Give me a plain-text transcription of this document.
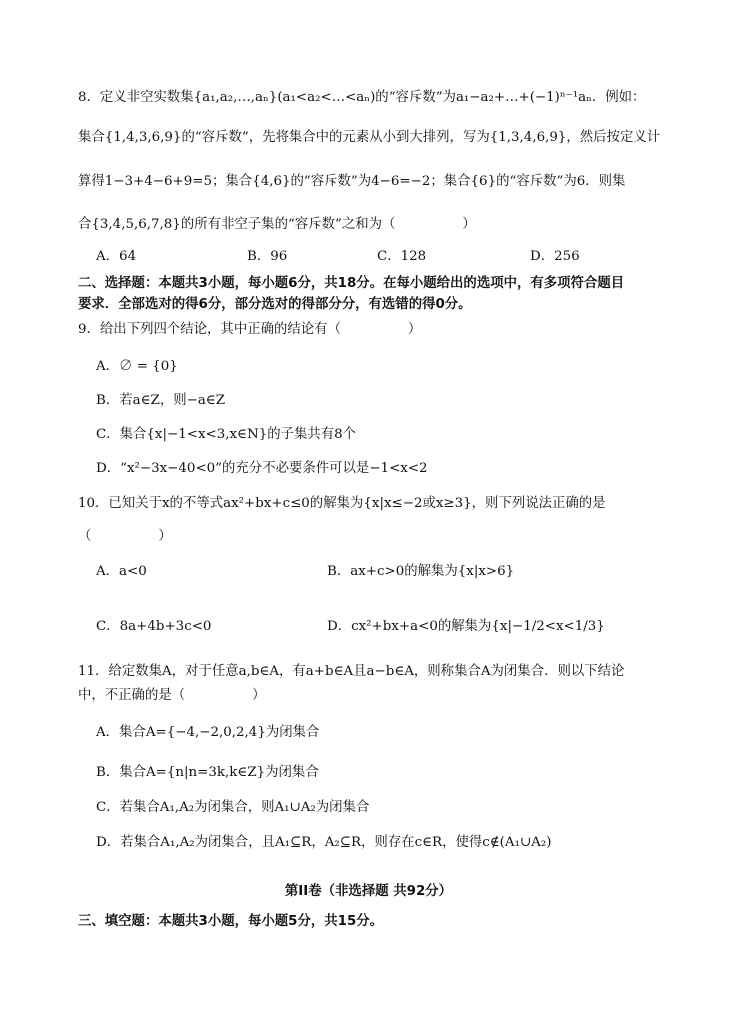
8．定义非空实数集{a₁,a₂,…,aₙ}(a₁<a₂<…<aₙ)的“容斥数”为a₁−a₂+…+(−1)ⁿ⁻¹aₙ．例如：
集合{1,4,3,6,9}的“容斥数”，先将集合中的元素从小到大排列，写为{1,3,4,6,9}，然后按定义计
算得1−3+4−6+9=5；集合{4,6}的“容斥数”为4−6=−2；集合{6}的“容斥数”为6．则集
合{3,4,5,6,7,8}的所有非空子集的“容斥数”之和为（　　　　　）
A．64	B．96	C．128	D．256
二、选择题：本题共3小题，每小题6分，共18分。在每小题给出的选项中，有多项符合题目
要求．全部选对的得6分，部分选对的得部分分，有选错的得0分。
9．给出下列四个结论，其中正确的结论有（　　　　　）
A．∅ = {0}
B．若a∈Z，则−a∈Z
C．集合{x|−1<x<3,x∈N}的子集共有8个
D．“x²−3x−40<0”的充分不必要条件可以是−1<x<2
10．已知关于x的不等式ax²+bx+c≤0的解集为{x|x≤−2或x≥3}，则下列说法正确的是
（　　　　　）
A．a<0	B．ax+c>0的解集为{x|x>6}
C．8a+4b+3c<0	D．cx²+bx+a<0的解集为{x|−1/2<x<1/3}
11．给定数集A，对于任意a,b∈A，有a+b∈A且a−b∈A，则称集合A为闭集合．则以下结论
中，不正确的是（　　　　　）
A．集合A={−4,−2,0,2,4}为闭集合
B．集合A={n|n=3k,k∈Z}为闭集合
C．若集合A₁,A₂为闭集合，则A₁∪A₂为闭集合
D．若集合A₁,A₂为闭集合，且A₁⊆R，A₂⊆R，则存在c∈R，使得c∉(A₁∪A₂)
第II卷（非选择题 共92分）
三、填空题：本题共3小题，每小题5分，共15分。
